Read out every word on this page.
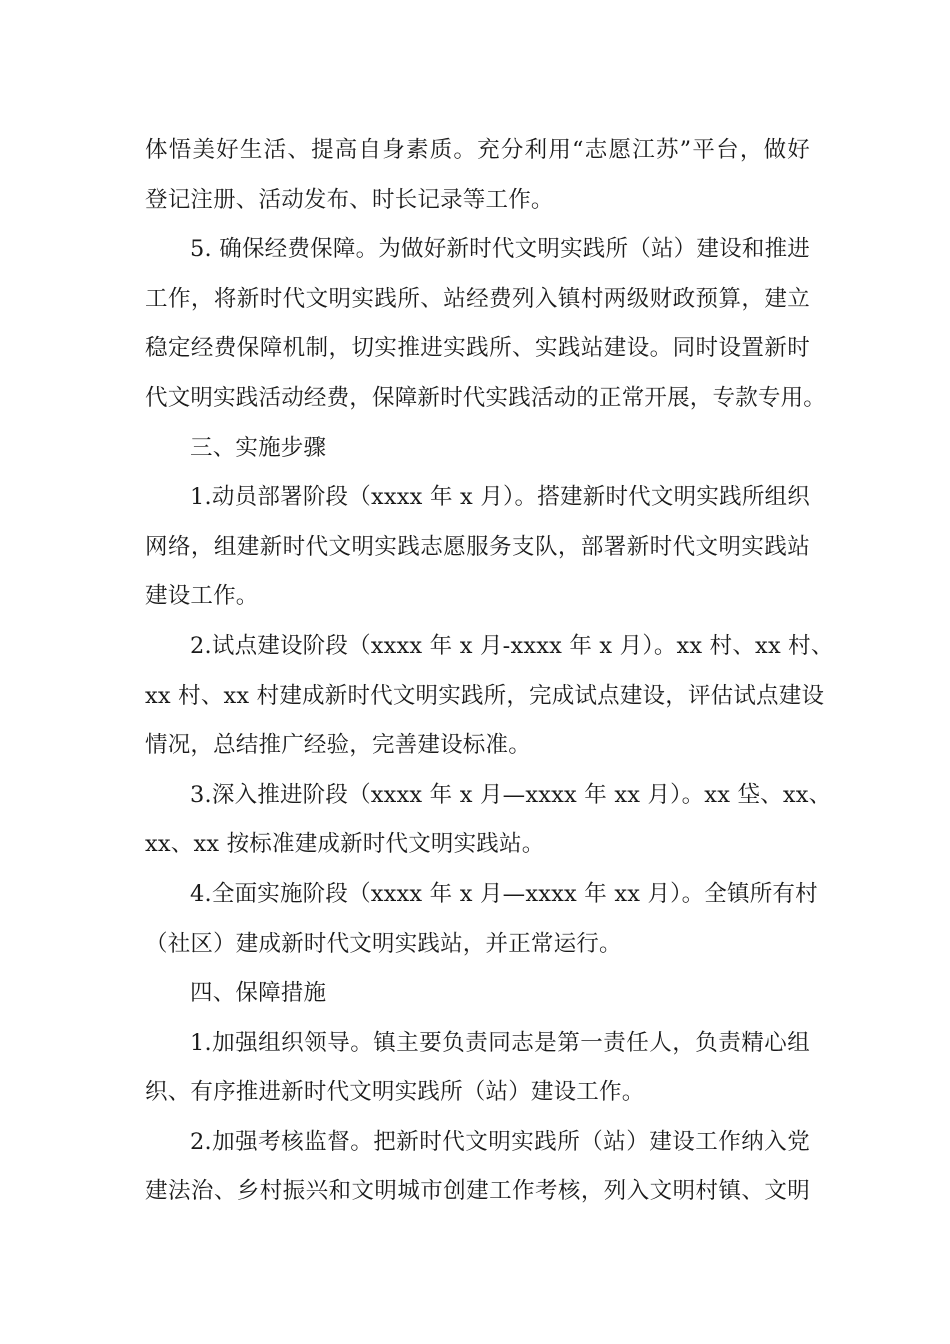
体悟美好生活、提高自身素质。充分利用“志愿江苏”平台，做好
登记注册、活动发布、时长记录等工作。
5. 确保经费保障。为做好新时代文明实践所（站）建设和推进
工作，将新时代文明实践所、站经费列入镇村两级财政预算，建立
稳定经费保障机制，切实推进实践所、实践站建设。同时设置新时
代文明实践活动经费，保障新时代实践活动的正常开展，专款专用。
三、实施步骤
1.动员部署阶段（xxxx 年 x 月）。搭建新时代文明实践所组织
网络，组建新时代文明实践志愿服务支队，部署新时代文明实践站
建设工作。
2.试点建设阶段（xxxx 年 x 月-xxxx 年 x 月）。xx 村、xx 村、
xx 村、xx 村建成新时代文明实践所，完成试点建设，评估试点建设
情况，总结推广经验，完善建设标准。
3.深入推进阶段（xxxx 年 x 月—xxxx 年 xx 月）。xx 垈、xx、
xx、xx 按标准建成新时代文明实践站。
4.全面实施阶段（xxxx 年 x 月—xxxx 年 xx 月）。全镇所有村
（社区）建成新时代文明实践站，并正常运行。
四、保障措施
1.加强组织领导。镇主要负责同志是第一责任人，负责精心组
织、有序推进新时代文明实践所（站）建设工作。
2.加强考核监督。把新时代文明实践所（站）建设工作纳入党
建法治、乡村振兴和文明城市创建工作考核，列入文明村镇、文明
